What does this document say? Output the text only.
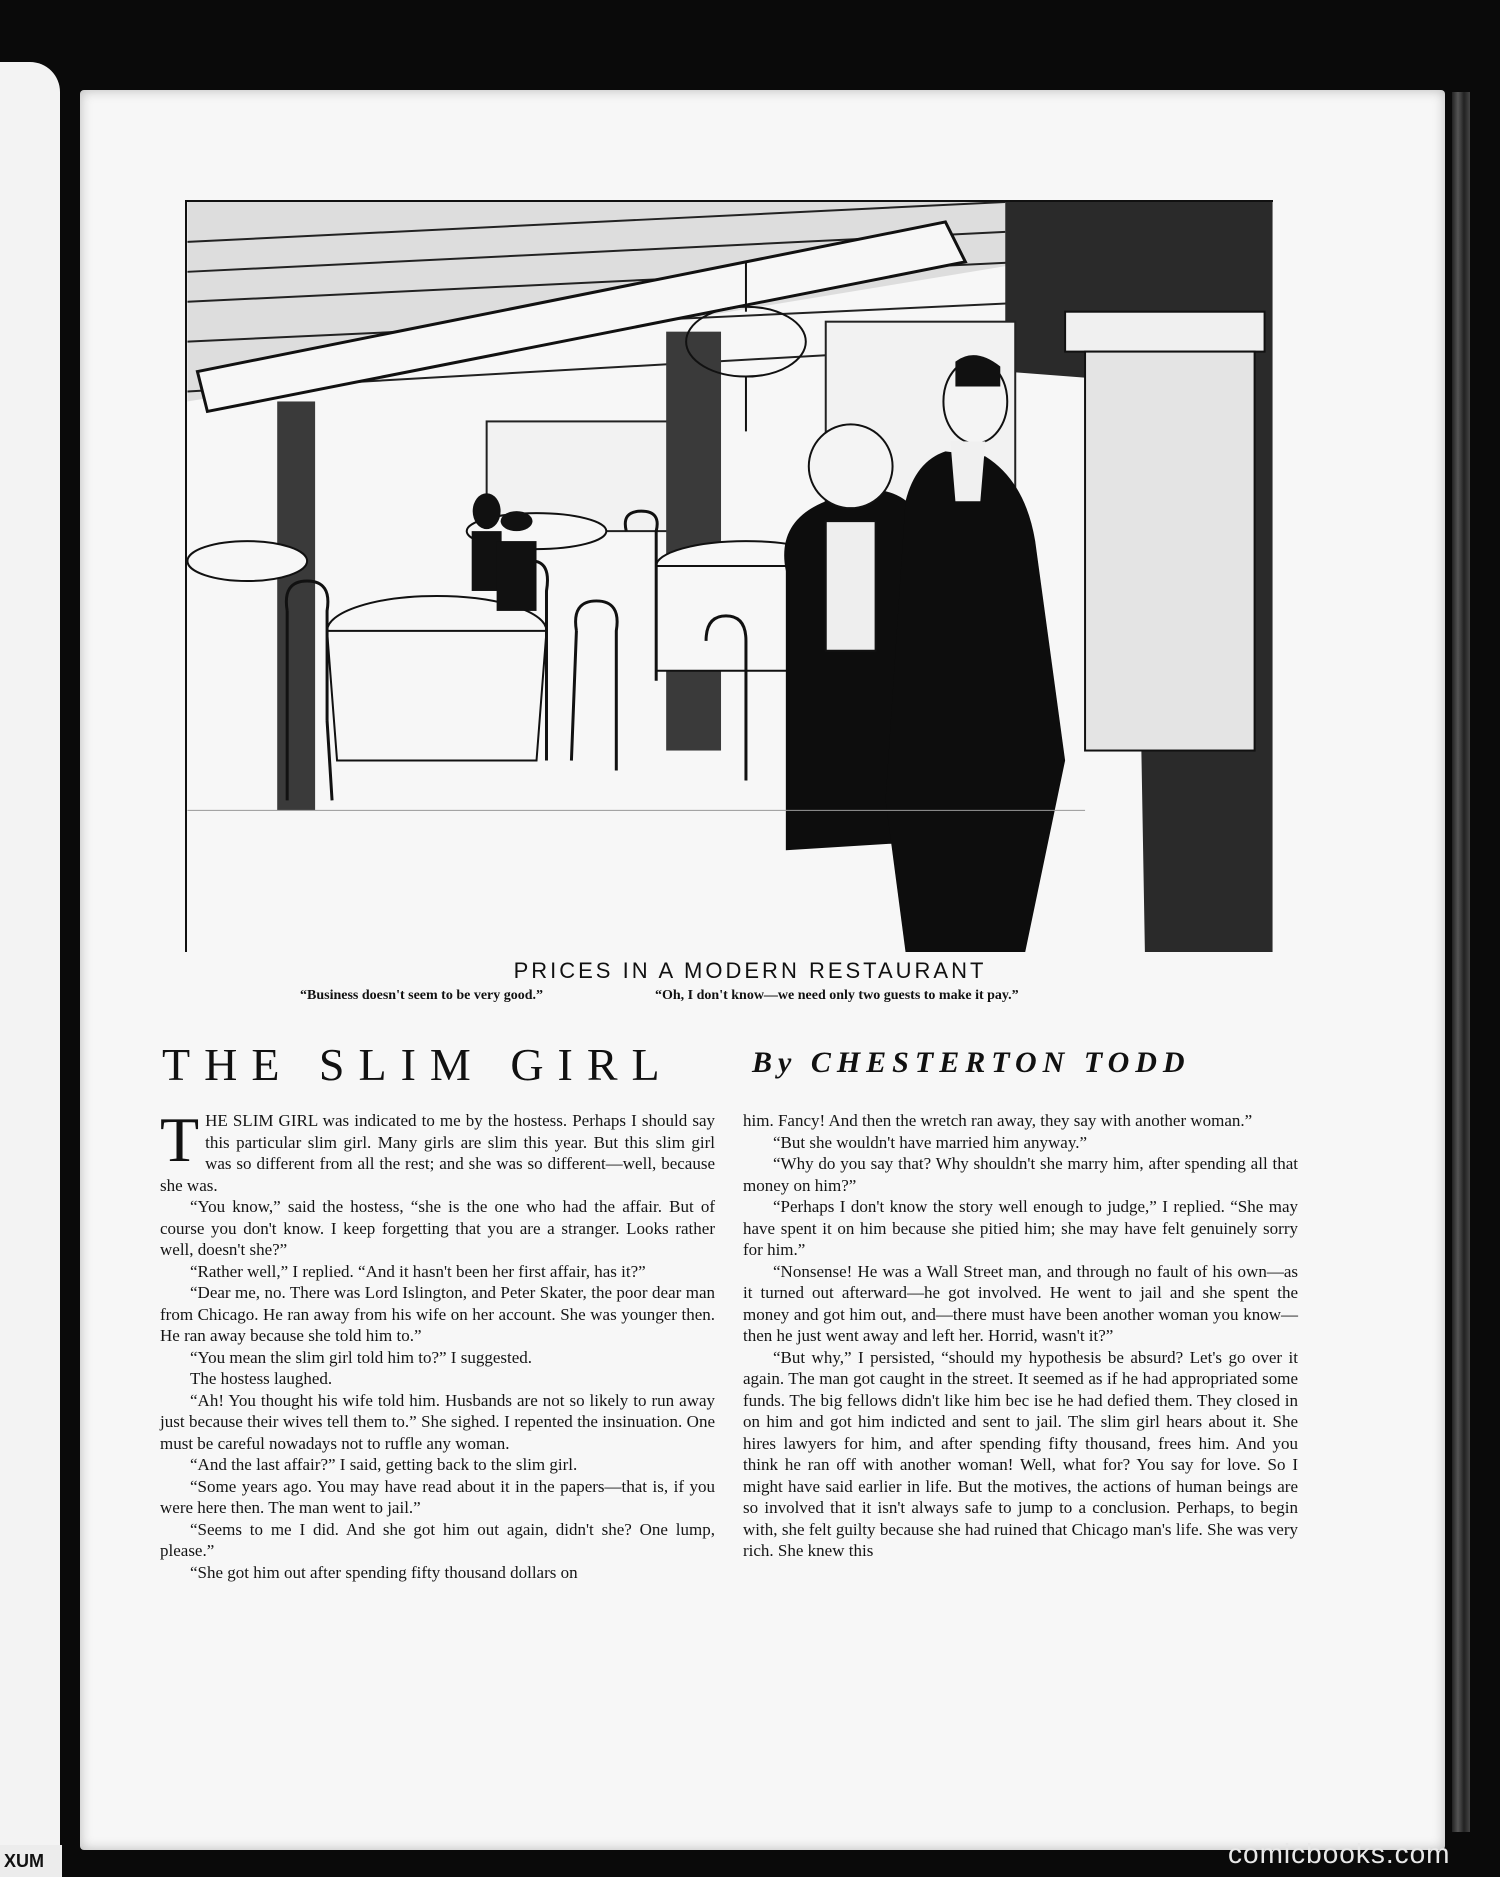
XUM
PRICES IN A MODERN RESTAURANT
“Business doesn't seem to be very good.”	“Oh, I don't know—we need only two guests to make it pay.”
THE SLIM GIRL	By CHESTERTON TODD

THE SLIM GIRL was indicated to me by the hostess. Perhaps I should say this particular slim girl. Many girls are slim this year. But this slim girl was so different from all the rest; and she was so different—well, because she was.

“You know,” said the hostess, “she is the one who had the affair. But of course you don't know. I keep forgetting that you are a stranger. Looks rather well, doesn't she?”

“Rather well,” I replied. “And it hasn't been her first affair, has it?”

“Dear me, no. There was Lord Islington, and Peter Skater, the poor dear man from Chicago. He ran away from his wife on her account. She was younger then. He ran away because she told him to.”

“You mean the slim girl told him to?” I suggested.

The hostess laughed.

“Ah! You thought his wife told him. Husbands are not so likely to run away just because their wives tell them to.” She sighed. I repented the insinuation. One must be careful nowadays not to ruffle any woman.

“And the last affair?” I said, getting back to the slim girl.

“Some years ago. You may have read about it in the papers—that is, if you were here then. The man went to jail.”

“Seems to me I did. And she got him out again, didn't she? One lump, please.”

“She got him out after spending fifty thousand dollars on

him. Fancy! And then the wretch ran away, they say with another woman.”

“But she wouldn't have married him anyway.”

“Why do you say that? Why shouldn't she marry him, after spending all that money on him?”

“Perhaps I don't know the story well enough to judge,” I replied. “She may have spent it on him because she pitied him; she may have felt genuinely sorry for him.”

“Nonsense! He was a Wall Street man, and through no fault of his own—as it turned out afterward—he got involved. He went to jail and she spent the money and got him out, and—there must have been another woman you know—then he just went away and left her. Horrid, wasn't it?”

“But why,” I persisted, “should my hypothesis be absurd? Let's go over it again. The man got caught in the street. It seemed as if he had appropriated some funds. The big fellows didn't like him bec ise he had defied them. They closed in on him and got him indicted and sent to jail. The slim girl hears about it. She hires lawyers for him, and after spending fifty thousand, frees him. And you think he ran off with another woman! Well, what for? You say for love. So I might have said earlier in life. But the motives, the actions of human beings are so involved that it isn't always safe to jump to a conclusion. Perhaps, to begin with, she felt guilty because she had ruined that Chicago man's life. She was very rich. She knew this

comicbooks.com
